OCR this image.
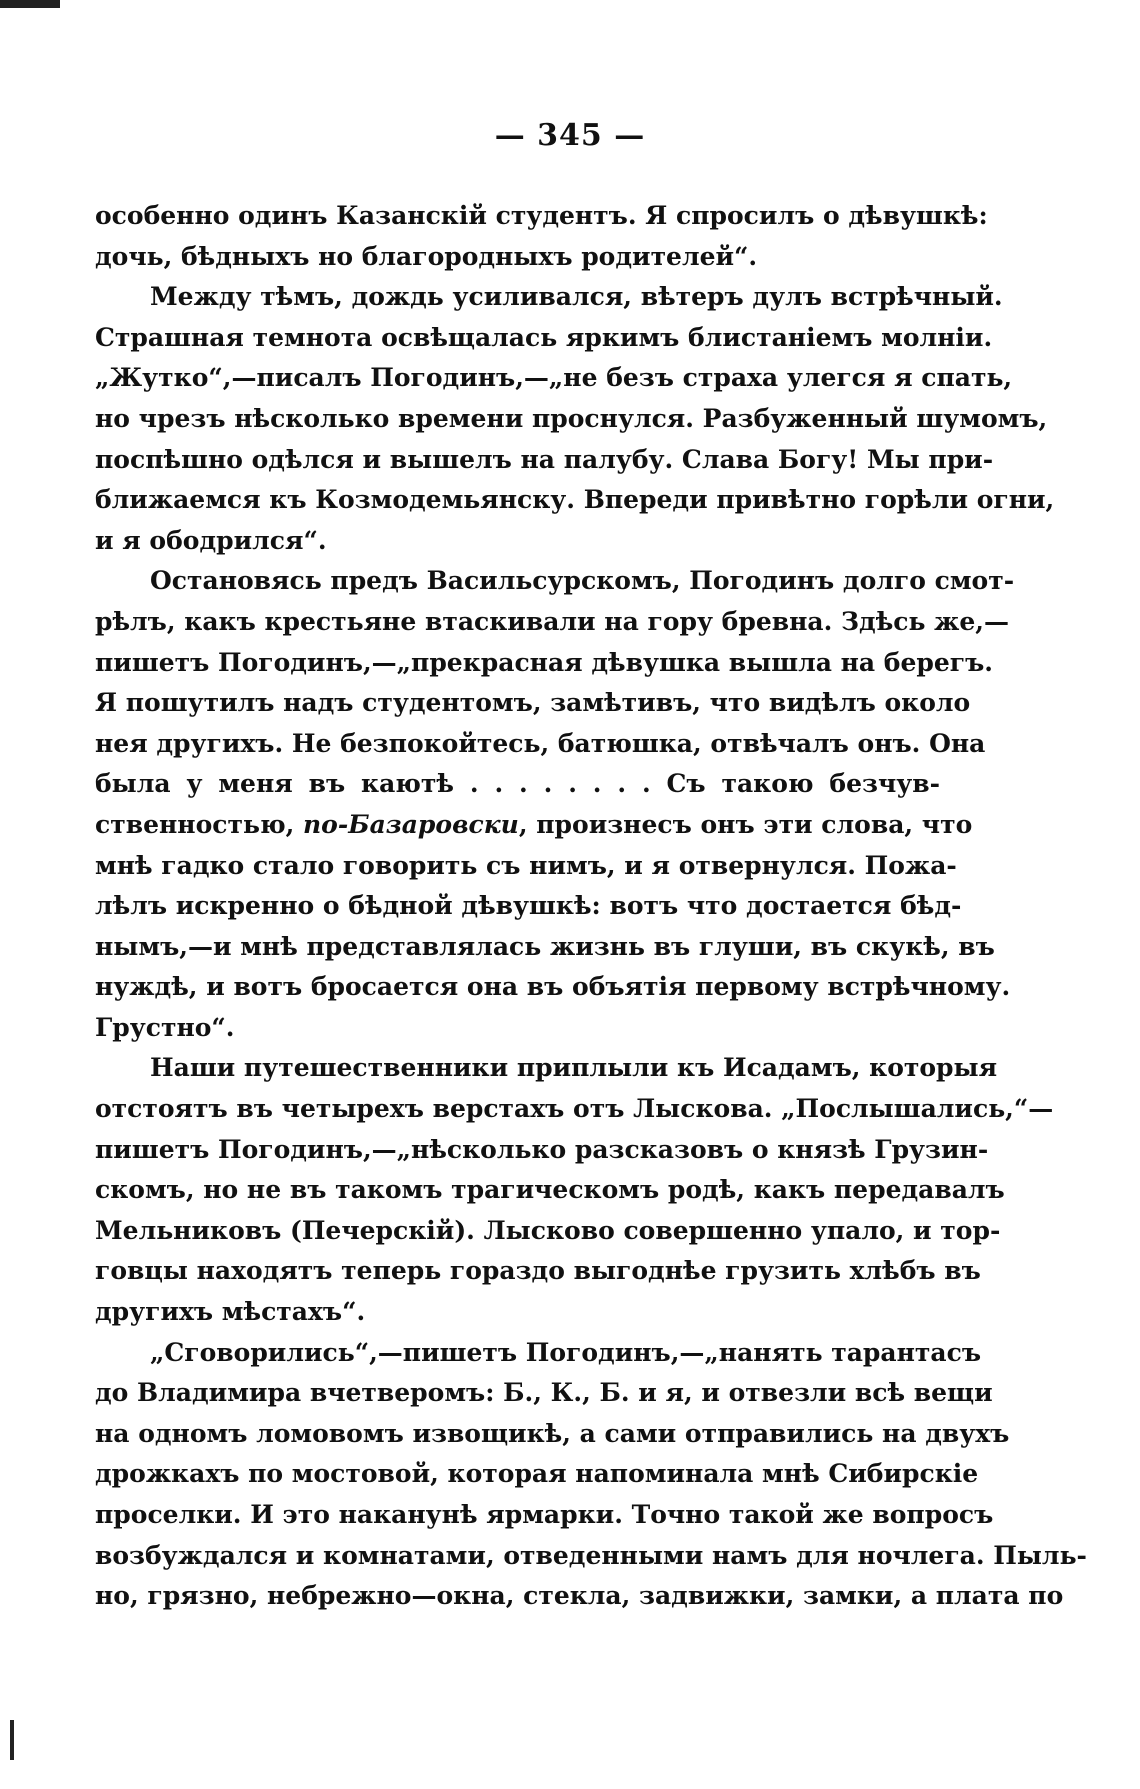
— 345 —
особенно одинъ Казанскій студентъ. Я спросилъ о дѣвушкѣ:
дочь, бѣдныхъ но благородныхъ родителей“.
Между тѣмъ, дождь усиливался, вѣтеръ дулъ встрѣчный.
Страшная темнота освѣщалась яркимъ блистаніемъ молніи.
„Жутко“,—писалъ Погодинъ,—„не безъ страха улегся я спать,
но чрезъ нѣсколько времени проснулся. Разбуженный шумомъ,
поспѣшно одѣлся и вышелъ на палубу. Слава Богу! Мы при-
ближаемся къ Козмодемьянску. Впереди привѣтно горѣли огни,
и я ободрился“.
Остановясь предъ Васильсурскомъ, Погодинъ долго смот-
рѣлъ, какъ крестьяне втаскивали на гору бревна. Здѣсь же,—
пишетъ Погодинъ,—„прекрасная дѣвушка вышла на берегъ.
Я пошутилъ надъ студентомъ, замѣтивъ, что видѣлъ около
нея другихъ. Не безпокойтесь, батюшка, отвѣчалъ онъ. Она
была у меня въ каютѣ . . . . . . . . Съ такою безчув-
ственностью, по-Базаровски, произнесъ онъ эти слова, что
мнѣ гадко стало говорить съ нимъ, и я отвернулся. Пожа-
лѣлъ искренно о бѣдной дѣвушкѣ: вотъ что достается бѣд-
нымъ,—и мнѣ представлялась жизнь въ глуши, въ скукѣ, въ
нуждѣ, и вотъ бросается она въ объятія первому встрѣчному.
Грустно“.
Наши путешественники приплыли къ Исадамъ, которыя
отстоятъ въ четырехъ верстахъ отъ Лыскова. „Послышались,“—
пишетъ Погодинъ,—„нѣсколько разсказовъ о князѣ Грузин-
скомъ, но не въ такомъ трагическомъ родѣ, какъ передавалъ
Мельниковъ (Печерскій). Лысково совершенно упало, и тор-
говцы находятъ теперь гораздо выгоднѣе грузить хлѣбъ въ
другихъ мѣстахъ“.
„Сговорились“,—пишетъ Погодинъ,—„нанять тарантасъ
до Владимира вчетверомъ: Б., К., Б. и я, и отвезли всѣ вещи
на одномъ ломовомъ извощикѣ, а сами отправились на двухъ
дрожкахъ по мостовой, которая напоминала мнѣ Сибирскіе
проселки. И это наканунѣ ярмарки. Точно такой же вопросъ
возбуждался и комнатами, отведенными намъ для ночлега. Пыль-
но, грязно, небрежно—окна, стекла, задвижки, замки, а плата по
